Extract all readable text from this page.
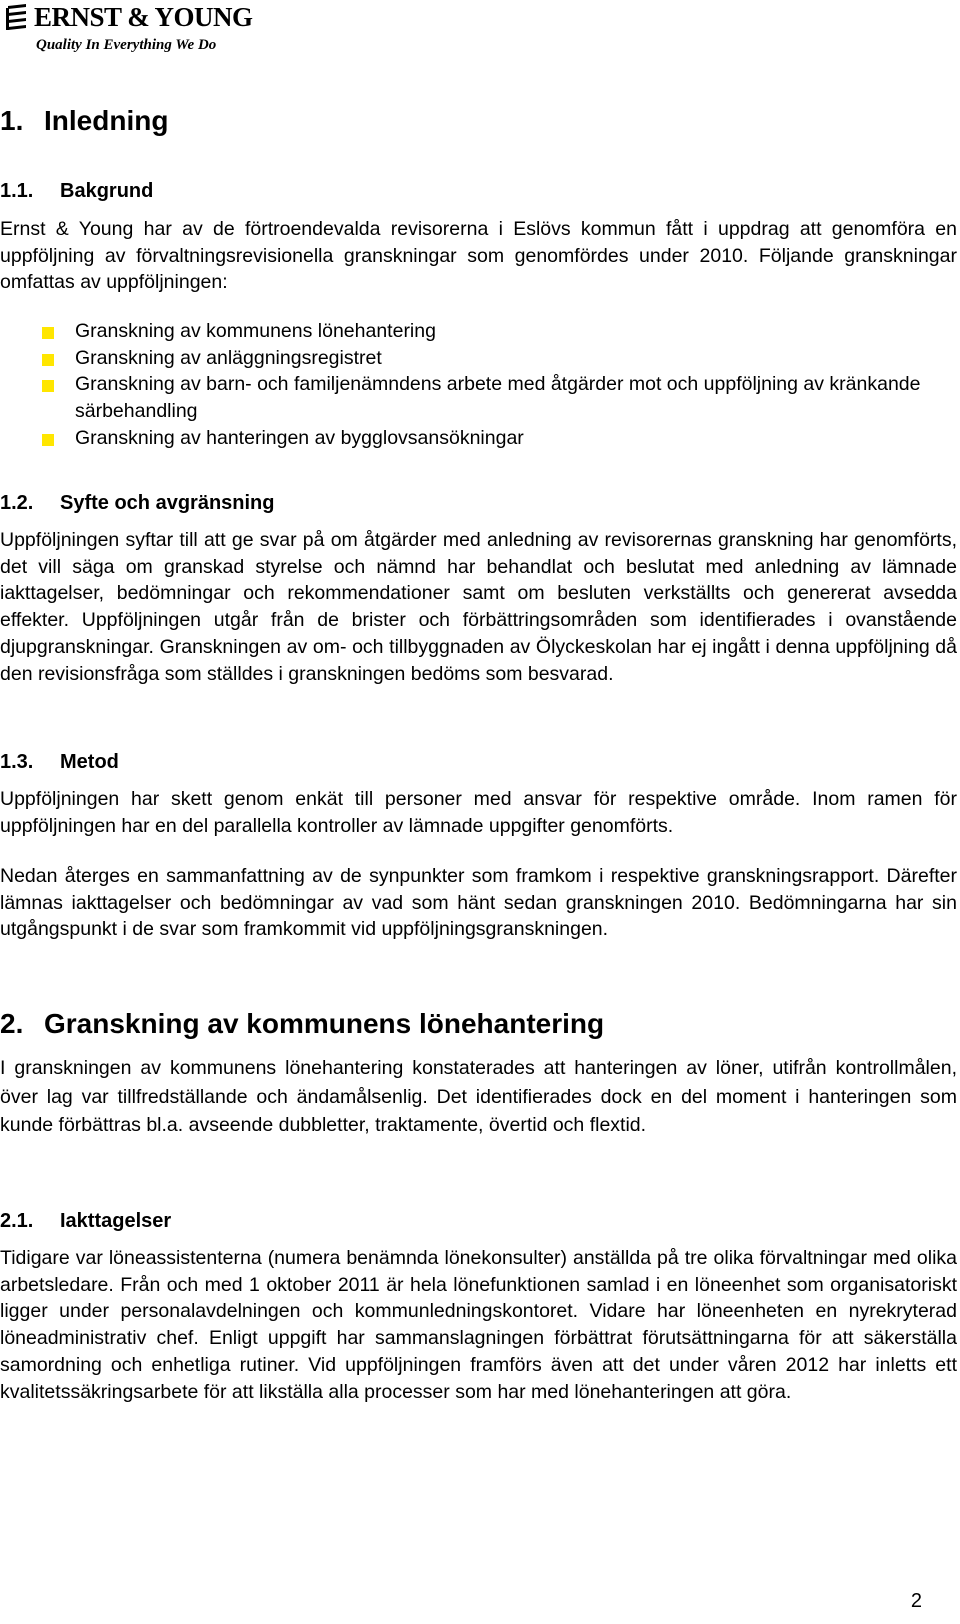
ERNST & YOUNG
Quality In Everything We Do
1. Inledning
1.1. Bakgrund
Ernst & Young har av de förtroendevalda revisorerna i Eslövs kommun fått i uppdrag att genomföra en uppföljning av förvaltningsrevisionella granskningar som genomfördes under 2010. Följande granskningar omfattas av uppföljningen:
Granskning av kommunens lönehantering
Granskning av anläggningsregistret
Granskning av barn- och familjenämndens arbete med åtgärder mot och uppföljning av kränkande särbehandling
Granskning av hanteringen av bygglovsansökningar
1.2. Syfte och avgränsning
Uppföljningen syftar till att ge svar på om åtgärder med anledning av revisorernas granskning har genomförts, det vill säga om granskad styrelse och nämnd har behandlat och beslutat med anledning av lämnade iakttagelser, bedömningar och rekommendationer samt om besluten verkställts och genererat avsedda effekter. Uppföljningen utgår från de brister och förbättringsområden som identifierades i ovanstående djupgranskningar. Granskningen av om- och tillbyggnaden av Ölyckeskolan har ej ingått i denna uppföljning då den revisionsfråga som ställdes i granskningen bedöms som besvarad.
1.3. Metod
Uppföljningen har skett genom enkät till personer med ansvar för respektive område. Inom ramen för uppföljningen har en del parallella kontroller av lämnade uppgifter genomförts.
Nedan återges en sammanfattning av de synpunkter som framkom i respektive granskningsrapport. Därefter lämnas iakttagelser och bedömningar av vad som hänt sedan granskningen 2010. Bedömningarna har sin utgångspunkt i de svar som framkommit vid uppföljningsgranskningen.
2. Granskning av kommunens lönehantering
I granskningen av kommunens lönehantering konstaterades att hanteringen av löner, utifrån kontrollmålen, över lag var tillfredställande och ändamålsenlig. Det identifierades dock en del moment i hanteringen som kunde förbättras bl.a. avseende dubbletter, traktamente, övertid och flextid.
2.1. Iakttagelser
Tidigare var löneassistenterna (numera benämnda lönekonsulter) anställda på tre olika förvaltningar med olika arbetsledare. Från och med 1 oktober 2011 är hela lönefunktionen samlad i en löneenhet som organisatoriskt ligger under personalavdelningen och kommunledningskontoret. Vidare har löneenheten en nyrekryterad löneadministrativ chef. Enligt uppgift har sammanslagningen förbättrat förutsättningarna för att säkerställa samordning och enhetliga rutiner. Vid uppföljningen framförs även att det under våren 2012 har inletts ett kvalitetssäkringsarbete för att likställa alla processer som har med lönehanteringen att göra.
2
